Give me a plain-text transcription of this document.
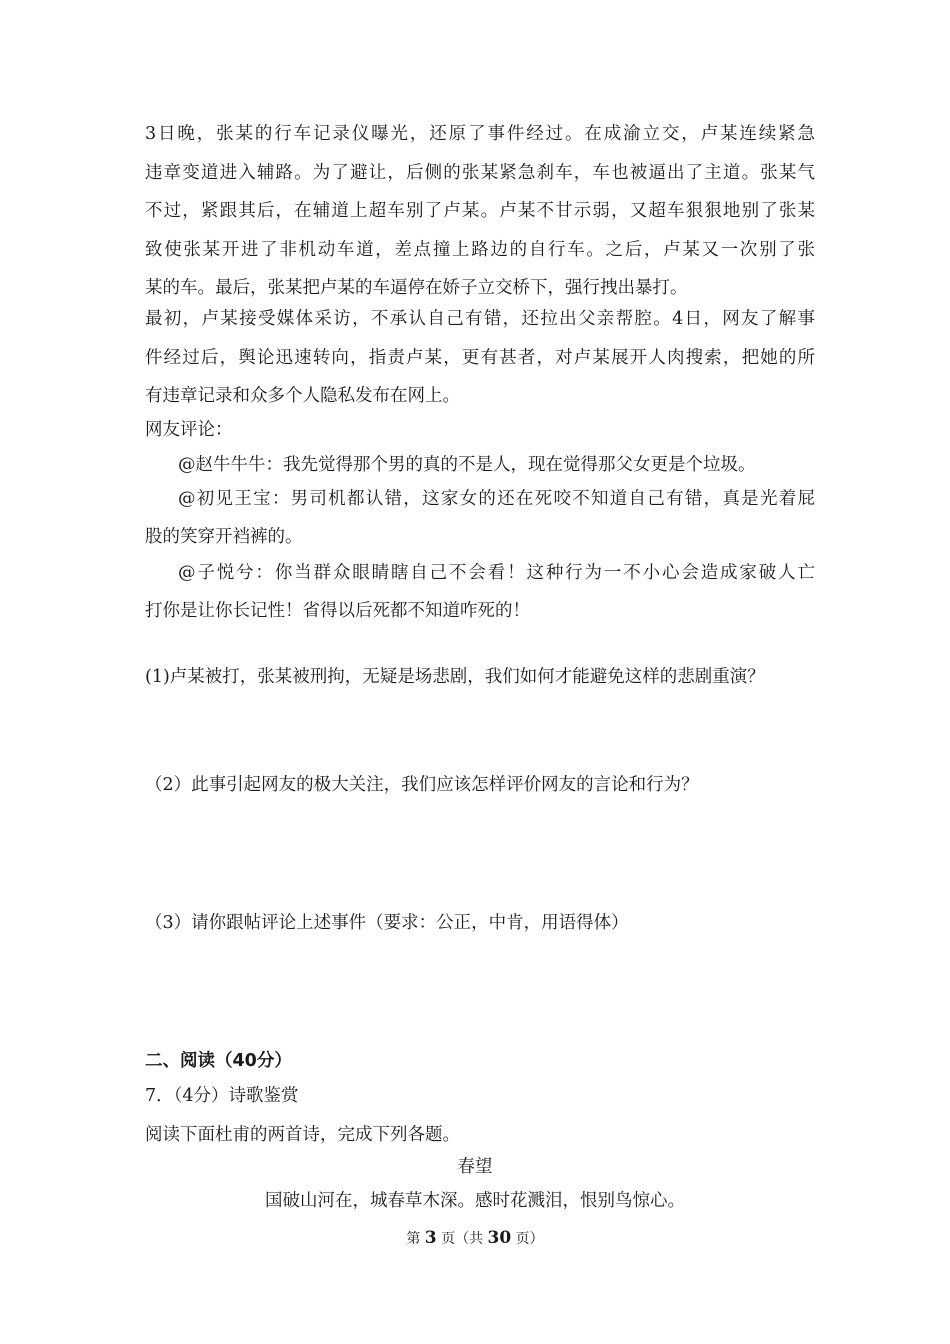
3日晚，张某的行车记录仪曝光，还原了事件经过。在成渝立交，卢某连续紧急
违章变道进入辅路。为了避让，后侧的张某紧急刹车，车也被逼出了主道。张某气
不过，紧跟其后，在辅道上超车别了卢某。卢某不甘示弱，又超车狠狠地别了张某
致使张某开进了非机动车道，差点撞上路边的自行车。之后，卢某又一次别了张
某的车。最后，张某把卢某的车逼停在娇子立交桥下，强行拽出暴打。
最初，卢某接受媒体采访，不承认自己有错，还拉出父亲帮腔。4日，网友了解事
件经过后，舆论迅速转向，指责卢某，更有甚者，对卢某展开人肉搜索，把她的所
有违章记录和众多个人隐私发布在网上。
网友评论：
@赵牛牛牛：我先觉得那个男的真的不是人，现在觉得那父女更是个垃圾。
@初见王宝：男司机都认错，这家女的还在死咬不知道自己有错，真是光着屁
股的笑穿开裆裤的。
@子悦兮：你当群众眼睛瞎自己不会看！这种行为一不小心会造成家破人亡
打你是让你长记性！省得以后死都不知道咋死的！
(1)卢某被打，张某被刑拘，无疑是场悲剧，我们如何才能避免这样的悲剧重演？
（2）此事引起网友的极大关注，我们应该怎样评价网友的言论和行为？
（3）请你跟帖评论上述事件（要求：公正，中肯，用语得体）
二、阅读（40分）
7．（4分）诗歌鉴赏
阅读下面杜甫的两首诗，完成下列各题。
春望
国破山河在，城春草木深。感时花溅泪，恨别鸟惊心。
第 3 页（共 30 页）
